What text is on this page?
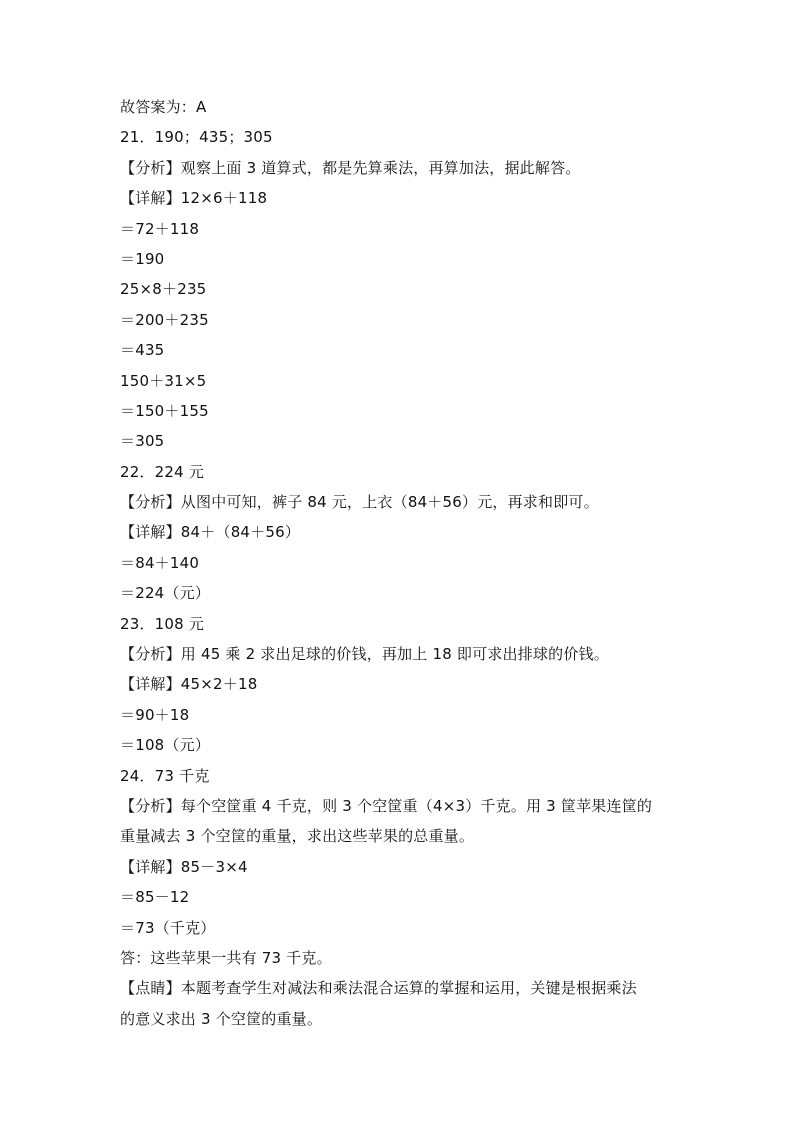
故答案为：A
21．190；435；305
【分析】观察上面 3 道算式，都是先算乘法，再算加法，据此解答。
【详解】12×6＋118
＝72＋118
＝190
25×8＋235
＝200＋235
＝435
150＋31×5
＝150＋155
＝305
22．224 元
【分析】从图中可知，裤子 84 元，上衣（84＋56）元，再求和即可。
【详解】84＋（84＋56）
＝84＋140
＝224（元）
23．108 元
【分析】用 45 乘 2 求出足球的价钱，再加上 18 即可求出排球的价钱。
【详解】45×2＋18
＝90＋18
＝108（元）
24．73 千克
【分析】每个空筐重 4 千克，则 3 个空筐重（4×3）千克。用 3 筐苹果连筐的
重量减去 3 个空筐的重量，求出这些苹果的总重量。
【详解】85－3×4
＝85－12
＝73（千克）
答：这些苹果一共有 73 千克。
【点睛】本题考查学生对减法和乘法混合运算的掌握和运用，关键是根据乘法
的意义求出 3 个空筐的重量。
